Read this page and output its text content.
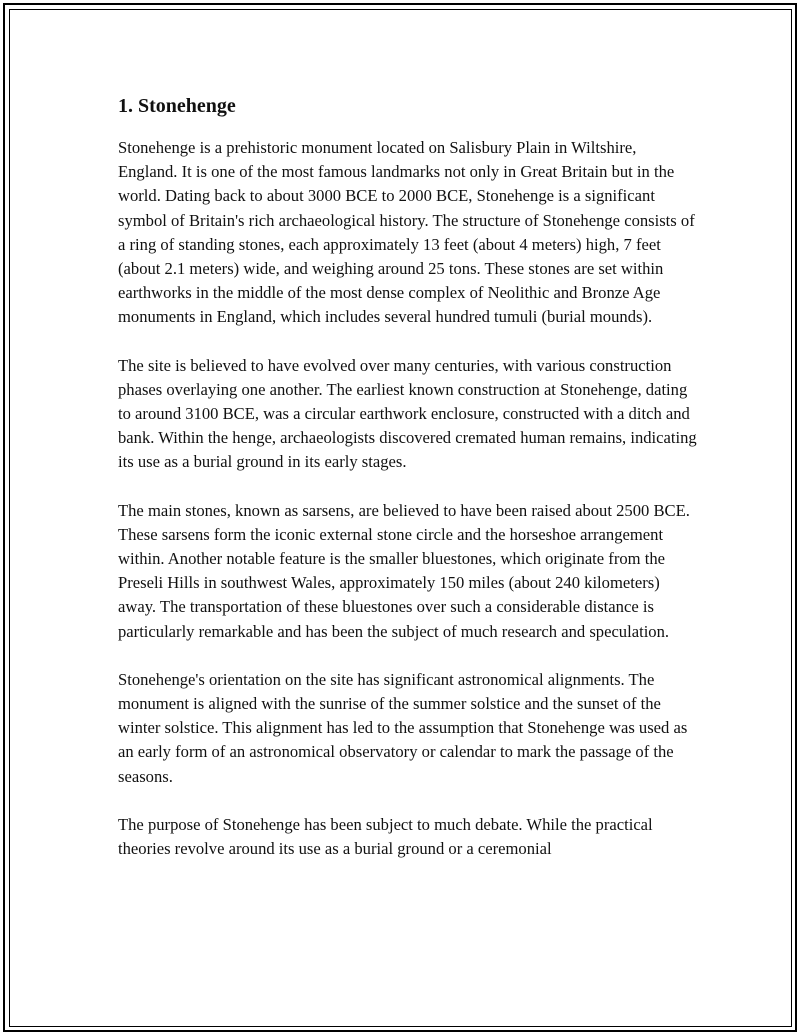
1. Stonehenge

Stonehenge is a prehistoric monument located on Salisbury Plain in Wiltshire, England. It is one of the most famous landmarks not only in Great Britain but in the world. Dating back to about 3000 BCE to 2000 BCE, Stonehenge is a significant symbol of Britain's rich archaeological history. The structure of Stonehenge consists of a ring of standing stones, each approximately 13 feet (about 4 meters) high, 7 feet (about 2.1 meters) wide, and weighing around 25 tons. These stones are set within earthworks in the middle of the most dense complex of Neolithic and Bronze Age monuments in England, which includes several hundred tumuli (burial mounds).

The site is believed to have evolved over many centuries, with various construction phases overlaying one another. The earliest known construction at Stonehenge, dating to around 3100 BCE, was a circular earthwork enclosure, constructed with a ditch and bank. Within the henge, archaeologists discovered cremated human remains, indicating its use as a burial ground in its early stages.

The main stones, known as sarsens, are believed to have been raised about 2500 BCE. These sarsens form the iconic external stone circle and the horseshoe arrangement within. Another notable feature is the smaller bluestones, which originate from the Preseli Hills in southwest Wales, approximately 150 miles (about 240 kilometers) away. The transportation of these bluestones over such a considerable distance is particularly remarkable and has been the subject of much research and speculation.

Stonehenge's orientation on the site has significant astronomical alignments. The monument is aligned with the sunrise of the summer solstice and the sunset of the winter solstice. This alignment has led to the assumption that Stonehenge was used as an early form of an astronomical observatory or calendar to mark the passage of the seasons.

The purpose of Stonehenge has been subject to much debate. While the practical theories revolve around its use as a burial ground or a ceremonial
